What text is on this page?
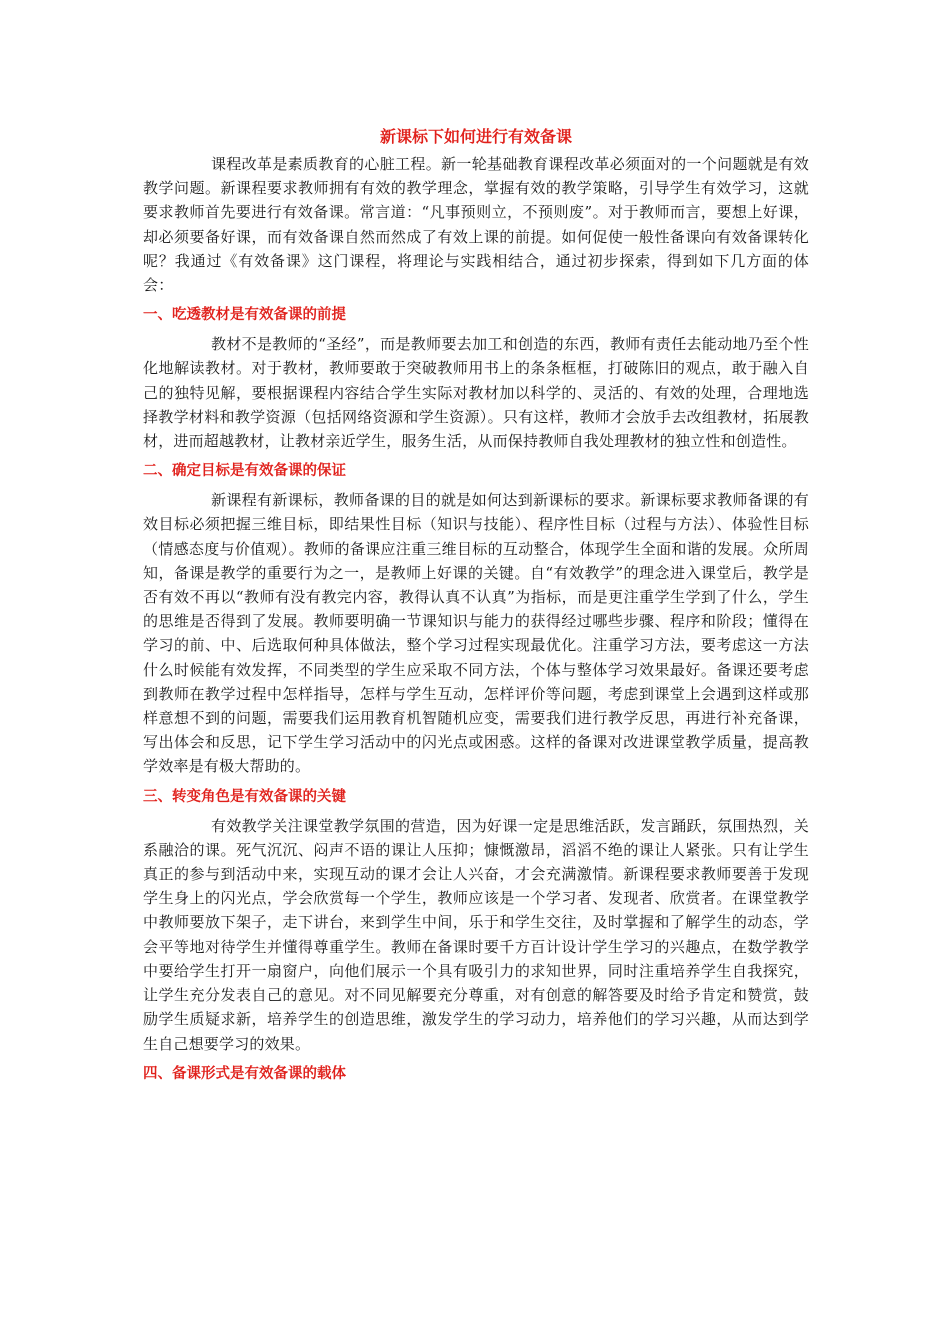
新课标下如何进行有效备课

课程改革是素质教育的心脏工程。新一轮基础教育课程改革必须面对的一个问题就是有效教学问题。新课程要求教师拥有有效的教学理念，掌握有效的教学策略，引导学生有效学习，这就要求教师首先要进行有效备课。常言道：“凡事预则立，不预则废”。对于教师而言，要想上好课，却必须要备好课，而有效备课自然而然成了有效上课的前提。如何促使一般性备课向有效备课转化呢？我通过《有效备课》这门课程，将理论与实践相结合，通过初步探索，得到如下几方面的体会：

一、吃透教材是有效备课的前提

教材不是教师的“圣经”，而是教师要去加工和创造的东西，教师有责任去能动地乃至个性化地解读教材。对于教材，教师要敢于突破教师用书上的条条框框，打破陈旧的观点，敢于融入自己的独特见解，要根据课程内容结合学生实际对教材加以科学的、灵活的、有效的处理，合理地选择教学材料和教学资源（包括网络资源和学生资源）。只有这样，教师才会放手去改组教材，拓展教材，进而超越教材，让教材亲近学生，服务生活，从而保持教师自我处理教材的独立性和创造性。

二、确定目标是有效备课的保证

新课程有新课标，教师备课的目的就是如何达到新课标的要求。新课标要求教师备课的有效目标必须把握三维目标，即结果性目标（知识与技能）、程序性目标（过程与方法）、体验性目标（情感态度与价值观）。教师的备课应注重三维目标的互动整合，体现学生全面和谐的发展。众所周知，备课是教学的重要行为之一，是教师上好课的关键。自“有效教学”的理念进入课堂后，教学是否有效不再以“教师有没有教完内容，教得认真不认真”为指标，而是更注重学生学到了什么，学生的思维是否得到了发展。教师要明确一节课知识与能力的获得经过哪些步骤、程序和阶段；懂得在学习的前、中、后选取何种具体做法，整个学习过程实现最优化。注重学习方法，要考虑这一方法什么时候能有效发挥，不同类型的学生应采取不同方法，个体与整体学习效果最好。备课还要考虑到教师在教学过程中怎样指导，怎样与学生互动，怎样评价等问题，考虑到课堂上会遇到这样或那样意想不到的问题，需要我们运用教育机智随机应变，需要我们进行教学反思，再进行补充备课，写出体会和反思，记下学生学习活动中的闪光点或困惑。这样的备课对改进课堂教学质量，提高教学效率是有极大帮助的。

三、转变角色是有效备课的关键

有效教学关注课堂教学氛围的营造，因为好课一定是思维活跃，发言踊跃，氛围热烈，关系融洽的课。死气沉沉、闷声不语的课让人压抑；慷慨激昂，滔滔不绝的课让人紧张。只有让学生真正的参与到活动中来，实现互动的课才会让人兴奋，才会充满激情。新课程要求教师要善于发现学生身上的闪光点，学会欣赏每一个学生，教师应该是一个学习者、发现者、欣赏者。在课堂教学中教师要放下架子，走下讲台，来到学生中间，乐于和学生交往，及时掌握和了解学生的动态，学会平等地对待学生并懂得尊重学生。教师在备课时要千方百计设计学生学习的兴趣点，在数学教学中要给学生打开一扇窗户，向他们展示一个具有吸引力的求知世界，同时注重培养学生自我探究，让学生充分发表自己的意见。对不同见解要充分尊重，对有创意的解答要及时给予肯定和赞赏，鼓励学生质疑求新，培养学生的创造思维，激发学生的学习动力，培养他们的学习兴趣，从而达到学生自己想要学习的效果。

四、备课形式是有效备课的载体
